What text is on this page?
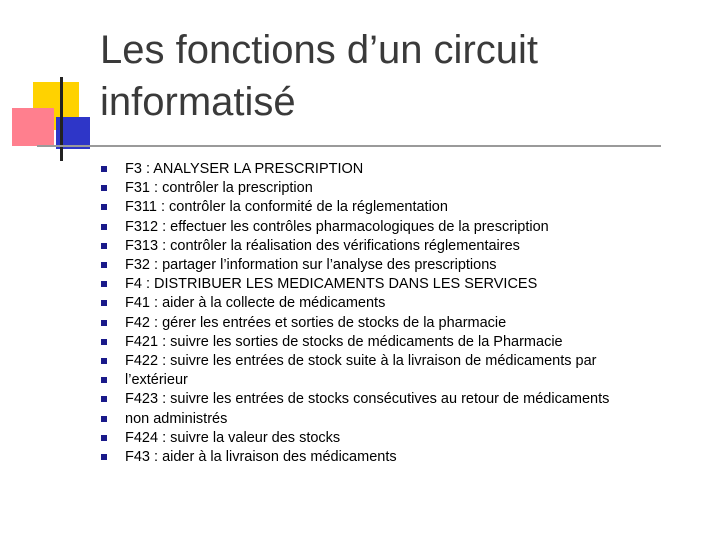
Les fonctions d’un circuit
informatisé
F3 : ANALYSER LA PRESCRIPTION
F31 : contrôler la prescription
F311 : contrôler la conformité de la réglementation
F312 : effectuer les contrôles pharmacologiques de la prescription
F313 : contrôler la réalisation des vérifications réglementaires
F32 : partager l’information sur l’analyse des prescriptions
F4 : DISTRIBUER LES MEDICAMENTS DANS LES SERVICES
F41 : aider à la collecte de médicaments
F42 : gérer les entrées et sorties de stocks de la pharmacie
F421 : suivre les sorties de stocks de médicaments de la Pharmacie
F422 : suivre les entrées de stock suite à la livraison de médicaments par
l’extérieur
F423 : suivre les entrées de stocks consécutives au retour de médicaments
non administrés
F424 : suivre la valeur des stocks
F43 : aider à la livraison des médicaments
